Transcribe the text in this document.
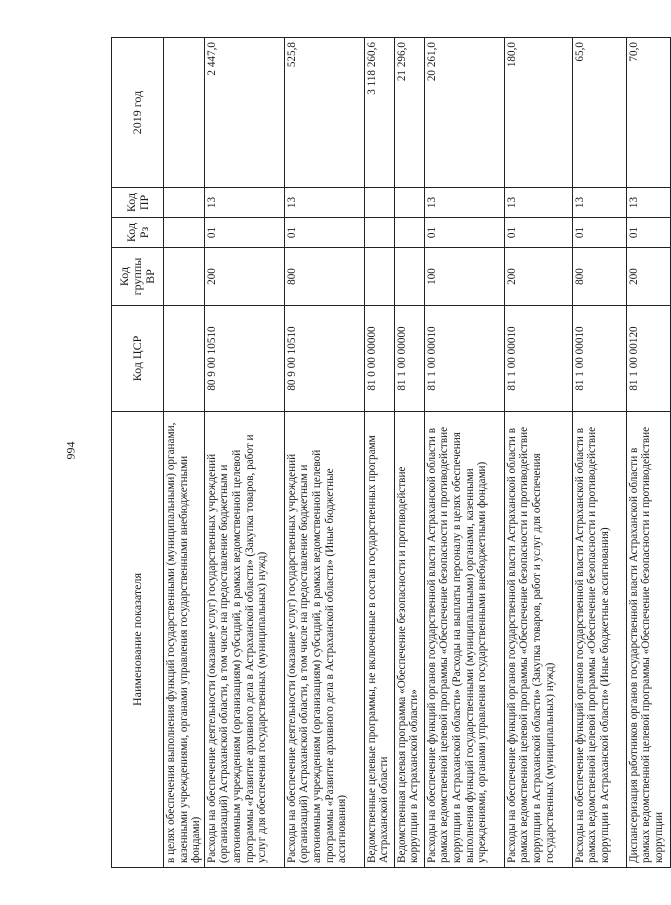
994
Наименование показателя	Код ЦСР	Код группы ВР	Код Рз	Код ПР	2019 год
в целях обеспечения выполнения функций государственными (муниципальными) органами, казенными учреждениями, органами управления государственными внебюджетными фондами)					
Расходы на обеспечение деятельности (оказание услуг) государственных учреждений (организаций) Астраханской области, в том числе на предоставление бюджетным и автономным учреждениям (организациям) субсидий, в рамках ведомственной целевой программы «Развитие архивного дела в Астраханской области» (Закупка товаров, работ и услуг для обеспечения государственных (муниципальных) нужд)	80 9 00 10510	200	01	13	2 447,0
Расходы на обеспечение деятельности (оказание услуг) государственных учреждений (организаций) Астраханской области, в том числе на предоставление бюджетным и автономным учреждениям (организациям) субсидий, в рамках ведомственной целевой программы «Развитие архивного дела в Астраханской области» (Иные бюджетные ассигнования)	80 9 00 10510	800	01	13	525,8
Ведомственные целевые программы, не включенные в состав государственных программ Астраханской области	81 0 00 00000				3 118 260,6
Ведомственная целевая программа «Обеспечение безопасности и противодействие коррупции в Астраханской области»	81 1 00 00000				21 296,0
Расходы на обеспечение функций органов государственной власти Астраханской области в рамках ведомственной целевой программы «Обеспечение безопасности и противодействие коррупции в Астраханской области» (Расходы на выплаты персоналу в целях обеспечения выполнения функций государственными (муниципальными) органами, казенными учреждениями, органами управления государственными внебюджетными фондами)	81 1 00 00010	100	01	13	20 261,0
Расходы на обеспечение функций органов государственной власти Астраханской области в рамках ведомственной целевой программы «Обеспечение безопасности и противодействие коррупции в Астраханской области» (Закупка товаров, работ и услуг для обеспечения государственных (муниципальных) нужд)	81 1 00 00010	200	01	13	180,0
Расходы на обеспечение функций органов государственной власти Астраханской области в рамках ведомственной целевой программы «Обеспечение безопасности и противодействие коррупции в Астраханской области» (Иные бюджетные ассигнования)	81 1 00 00010	800	01	13	65,0
Диспансеризация работников органов государственной власти Астраханской области в рамках ведомственной целевой программы «Обеспечение безопасности и противодействие коррупции	81 1 00 00120	200	01	13	70,0
